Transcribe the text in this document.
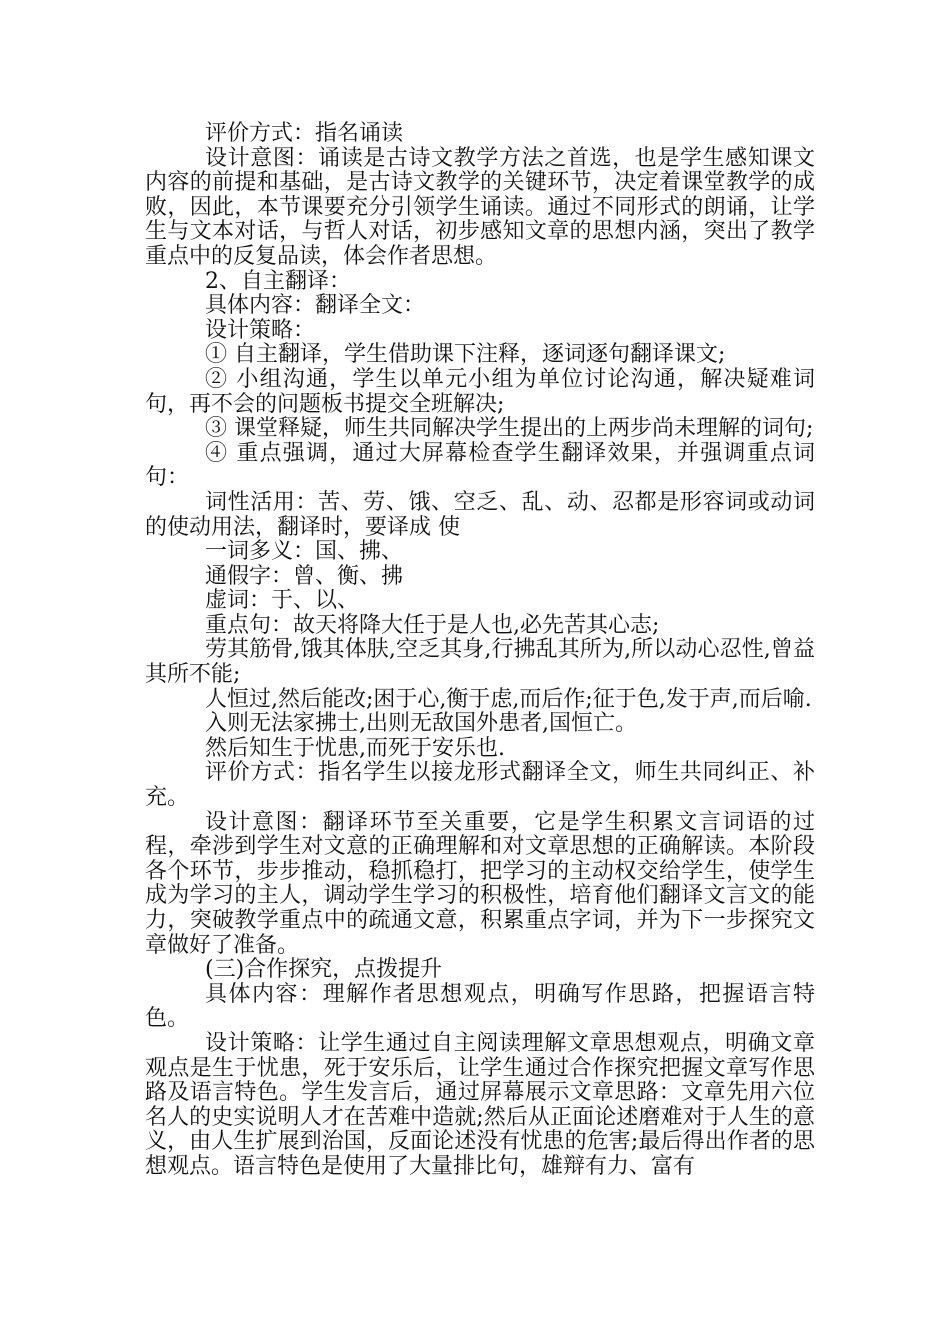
评价方式：指名诵读

设计意图：诵读是古诗文教学方法之首选，也是学生感知课文内容的前提和基础，是古诗文教学的关键环节，决定着课堂教学的成败，因此，本节课要充分引领学生诵读。通过不同形式的朗诵，让学生与文本对话，与哲人对话，初步感知文章的思想内涵，突出了教学重点中的反复品读，体会作者思想。

2、自主翻译：

具体内容：翻译全文：

设计策略：

① 自主翻译，学生借助课下注释，逐词逐句翻译课文;

② 小组沟通，学生以单元小组为单位讨论沟通，解决疑难词句，再不会的问题板书提交全班解决;

③ 课堂释疑，师生共同解决学生提出的上两步尚未理解的词句;

④ 重点强调，通过大屏幕检查学生翻译效果，并强调重点词句：

词性活用：苦、劳、饿、空乏、乱、动、忍都是形容词或动词的使动用法，翻译时，要译成 使

一词多义：国、拂、

通假字：曾、衡、拂

虚词：于、以、

重点句：故天将降大任于是人也,必先苦其心志;

劳其筋骨,饿其体肤,空乏其身,行拂乱其所为,所以动心忍性,曾益其所不能;

人恒过,然后能改;困于心,衡于虑,而后作;征于色,发于声,而后喻.

入则无法家拂士,出则无敌国外患者,国恒亡。

然后知生于忧患,而死于安乐也.

评价方式：指名学生以接龙形式翻译全文，师生共同纠正、补充。

设计意图：翻译环节至关重要，它是学生积累文言词语的过程，牵涉到学生对文意的正确理解和对文章思想的正确解读。本阶段各个环节，步步推动，稳抓稳打，把学习的主动权交给学生，使学生成为学习的主人，调动学生学习的积极性，培育他们翻译文言文的能力，突破教学重点中的疏通文意，积累重点字词，并为下一步探究文章做好了准备。

(三)合作探究，点拨提升

具体内容：理解作者思想观点，明确写作思路，把握语言特色。

设计策略：让学生通过自主阅读理解文章思想观点，明确文章观点是生于忧患，死于安乐后，让学生通过合作探究把握文章写作思路及语言特色。学生发言后，通过屏幕展示文章思路：文章先用六位名人的史实说明人才在苦难中造就;然后从正面论述磨难对于人生的意义，由人生扩展到治国，反面论述没有忧患的危害;最后得出作者的思想观点。语言特色是使用了大量排比句，雄辩有力、富有
